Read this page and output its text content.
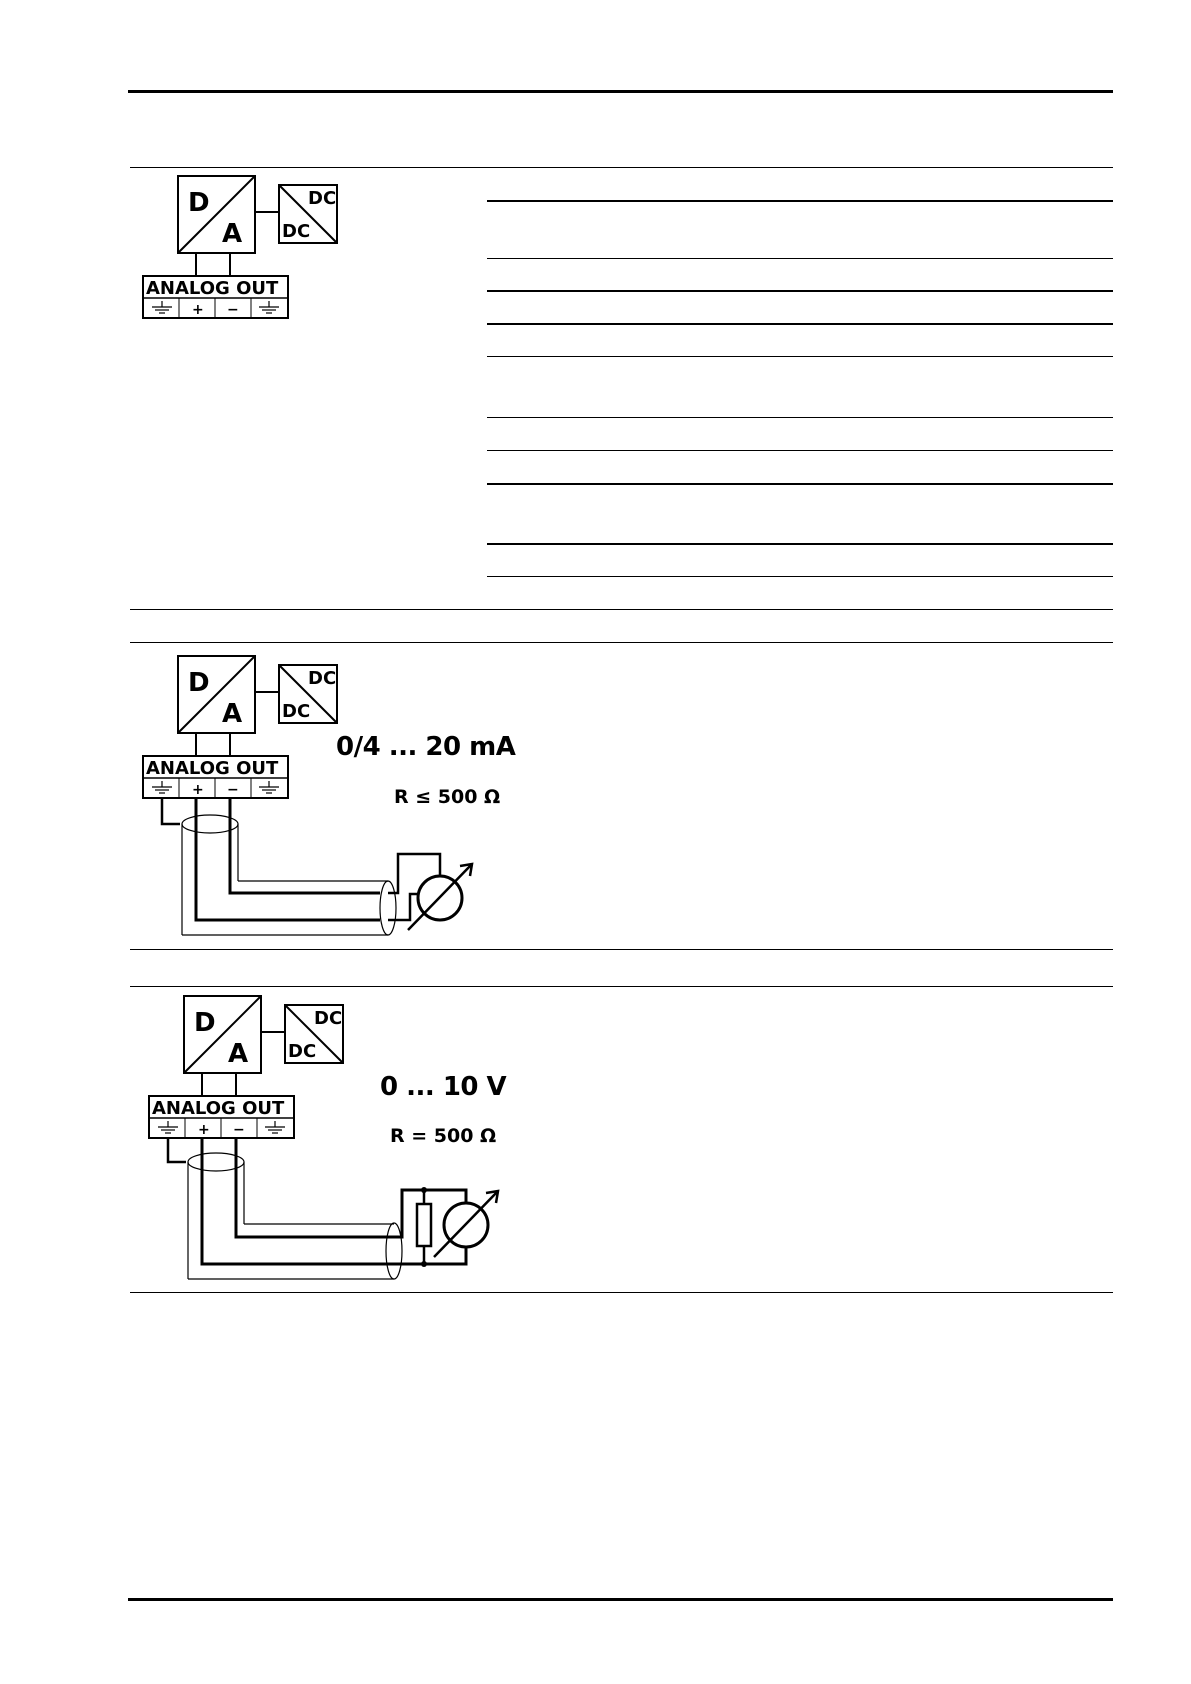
D
A
DC
DC
ANALOG OUT
+ −
D
A
DC
DC
ANALOG OUT
+ −
0/4 ... 20 mA
R ≤ 500 Ω
D
A
DC
DC
ANALOG OUT
+ −
0 ... 10 V
R = 500 Ω
